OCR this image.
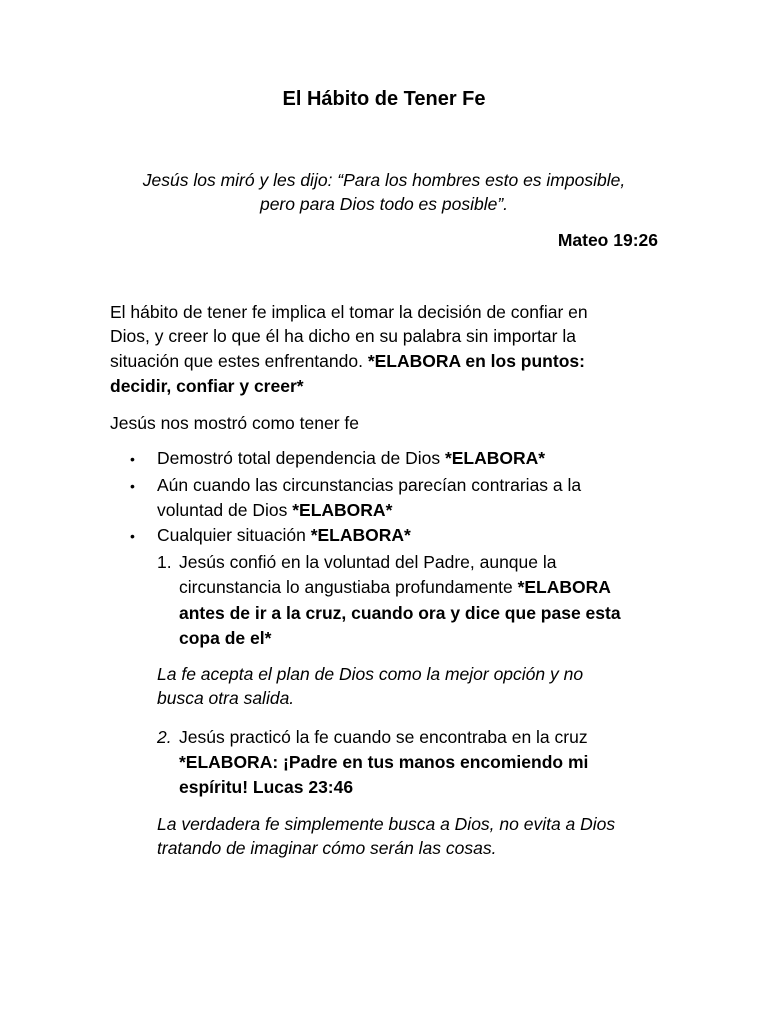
El Hábito de Tener Fe
Jesús los miró y les dijo: “Para los hombres esto es imposible,
pero para Dios todo es posible”.
Mateo 19:26
El hábito de tener fe implica el tomar la decisión de confiar en
Dios, y creer lo que él ha dicho en su palabra sin importar la
situación que estes enfrentando. *ELABORA en los puntos:
decidir, confiar y creer*
Jesús nos mostró como tener fe
• Demostró total dependencia de Dios *ELABORA*
• Aún cuando las circunstancias parecían contrarias a la
voluntad de Dios *ELABORA*
• Cualquier situación *ELABORA*
1. Jesús confió en la voluntad del Padre, aunque la
circunstancia lo angustiaba profundamente *ELABORA
antes de ir a la cruz, cuando ora y dice que pase esta
copa de el*
La fe acepta el plan de Dios como la mejor opción y no
busca otra salida.
2. Jesús practicó la fe cuando se encontraba en la cruz
*ELABORA: ¡Padre en tus manos encomiendo mi
espíritu! Lucas 23:46
La verdadera fe simplemente busca a Dios, no evita a Dios
tratando de imaginar cómo serán las cosas.
